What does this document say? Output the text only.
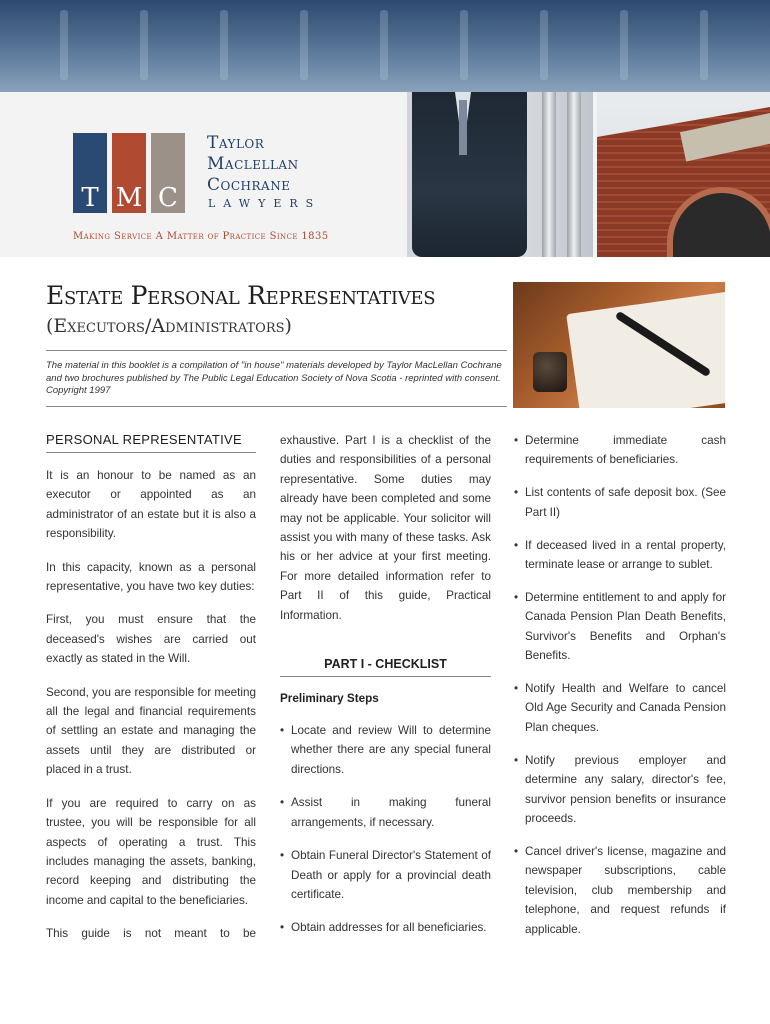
T M C
Taylor
Maclellan
Cochrane
LAWYERS
Making Service A Matter of Practice Since 1835
Estate Personal Representatives
(Executors/Administrators)
The material in this booklet is a compilation of "in house" materials developed by Taylor MacLellan Cochrane and two brochures published by The Public Legal Education Society of Nova Scotia - reprinted with consent. Copyright 1997
PERSONAL REPRESENTATIVE

It is an honour to be named as an executor or appointed as an administrator of an estate but it is also a responsibility.

In this capacity, known as a personal representative, you have two key duties:

First, you must ensure that the deceased's wishes are carried out exactly as stated in the Will.

Second, you are responsible for meeting all the legal and financial requirements of settling an estate and managing the assets until they are distributed or placed in a trust.

If you are required to carry on as trustee, you will be responsible for all aspects of operating a trust. This includes managing the assets, banking, record keeping and distributing the income and capital to the beneficiaries.

This guide is not meant to be

exhaustive. Part I is a checklist of the duties and responsibilities of a personal representative. Some duties may already have been completed and some may not be applicable. Your solicitor will assist you with many of these tasks. Ask his or her advice at your first meeting. For more detailed information refer to Part II of this guide, Practical Information.

PART I - CHECKLIST
Preliminary Steps
• Locate and review Will to determine whether there are any special funeral directions.
• Assist in making funeral arrangements, if necessary.
• Obtain Funeral Director's Statement of Death or apply for a provincial death certificate.
• Obtain addresses for all beneficiaries.
• Determine immediate cash requirements of beneficiaries.
• List contents of safe deposit box. (See Part II)
• If deceased lived in a rental property, terminate lease or arrange to sublet.
• Determine entitlement to and apply for Canada Pension Plan Death Benefits, Survivor's Benefits and Orphan's Benefits.
• Notify Health and Welfare to cancel Old Age Security and Canada Pension Plan cheques.
• Notify previous employer and determine any salary, director's fee, survivor pension benefits or insurance proceeds.
• Cancel driver's license, magazine and newspaper subscriptions, cable television, club membership and telephone, and request refunds if applicable.
